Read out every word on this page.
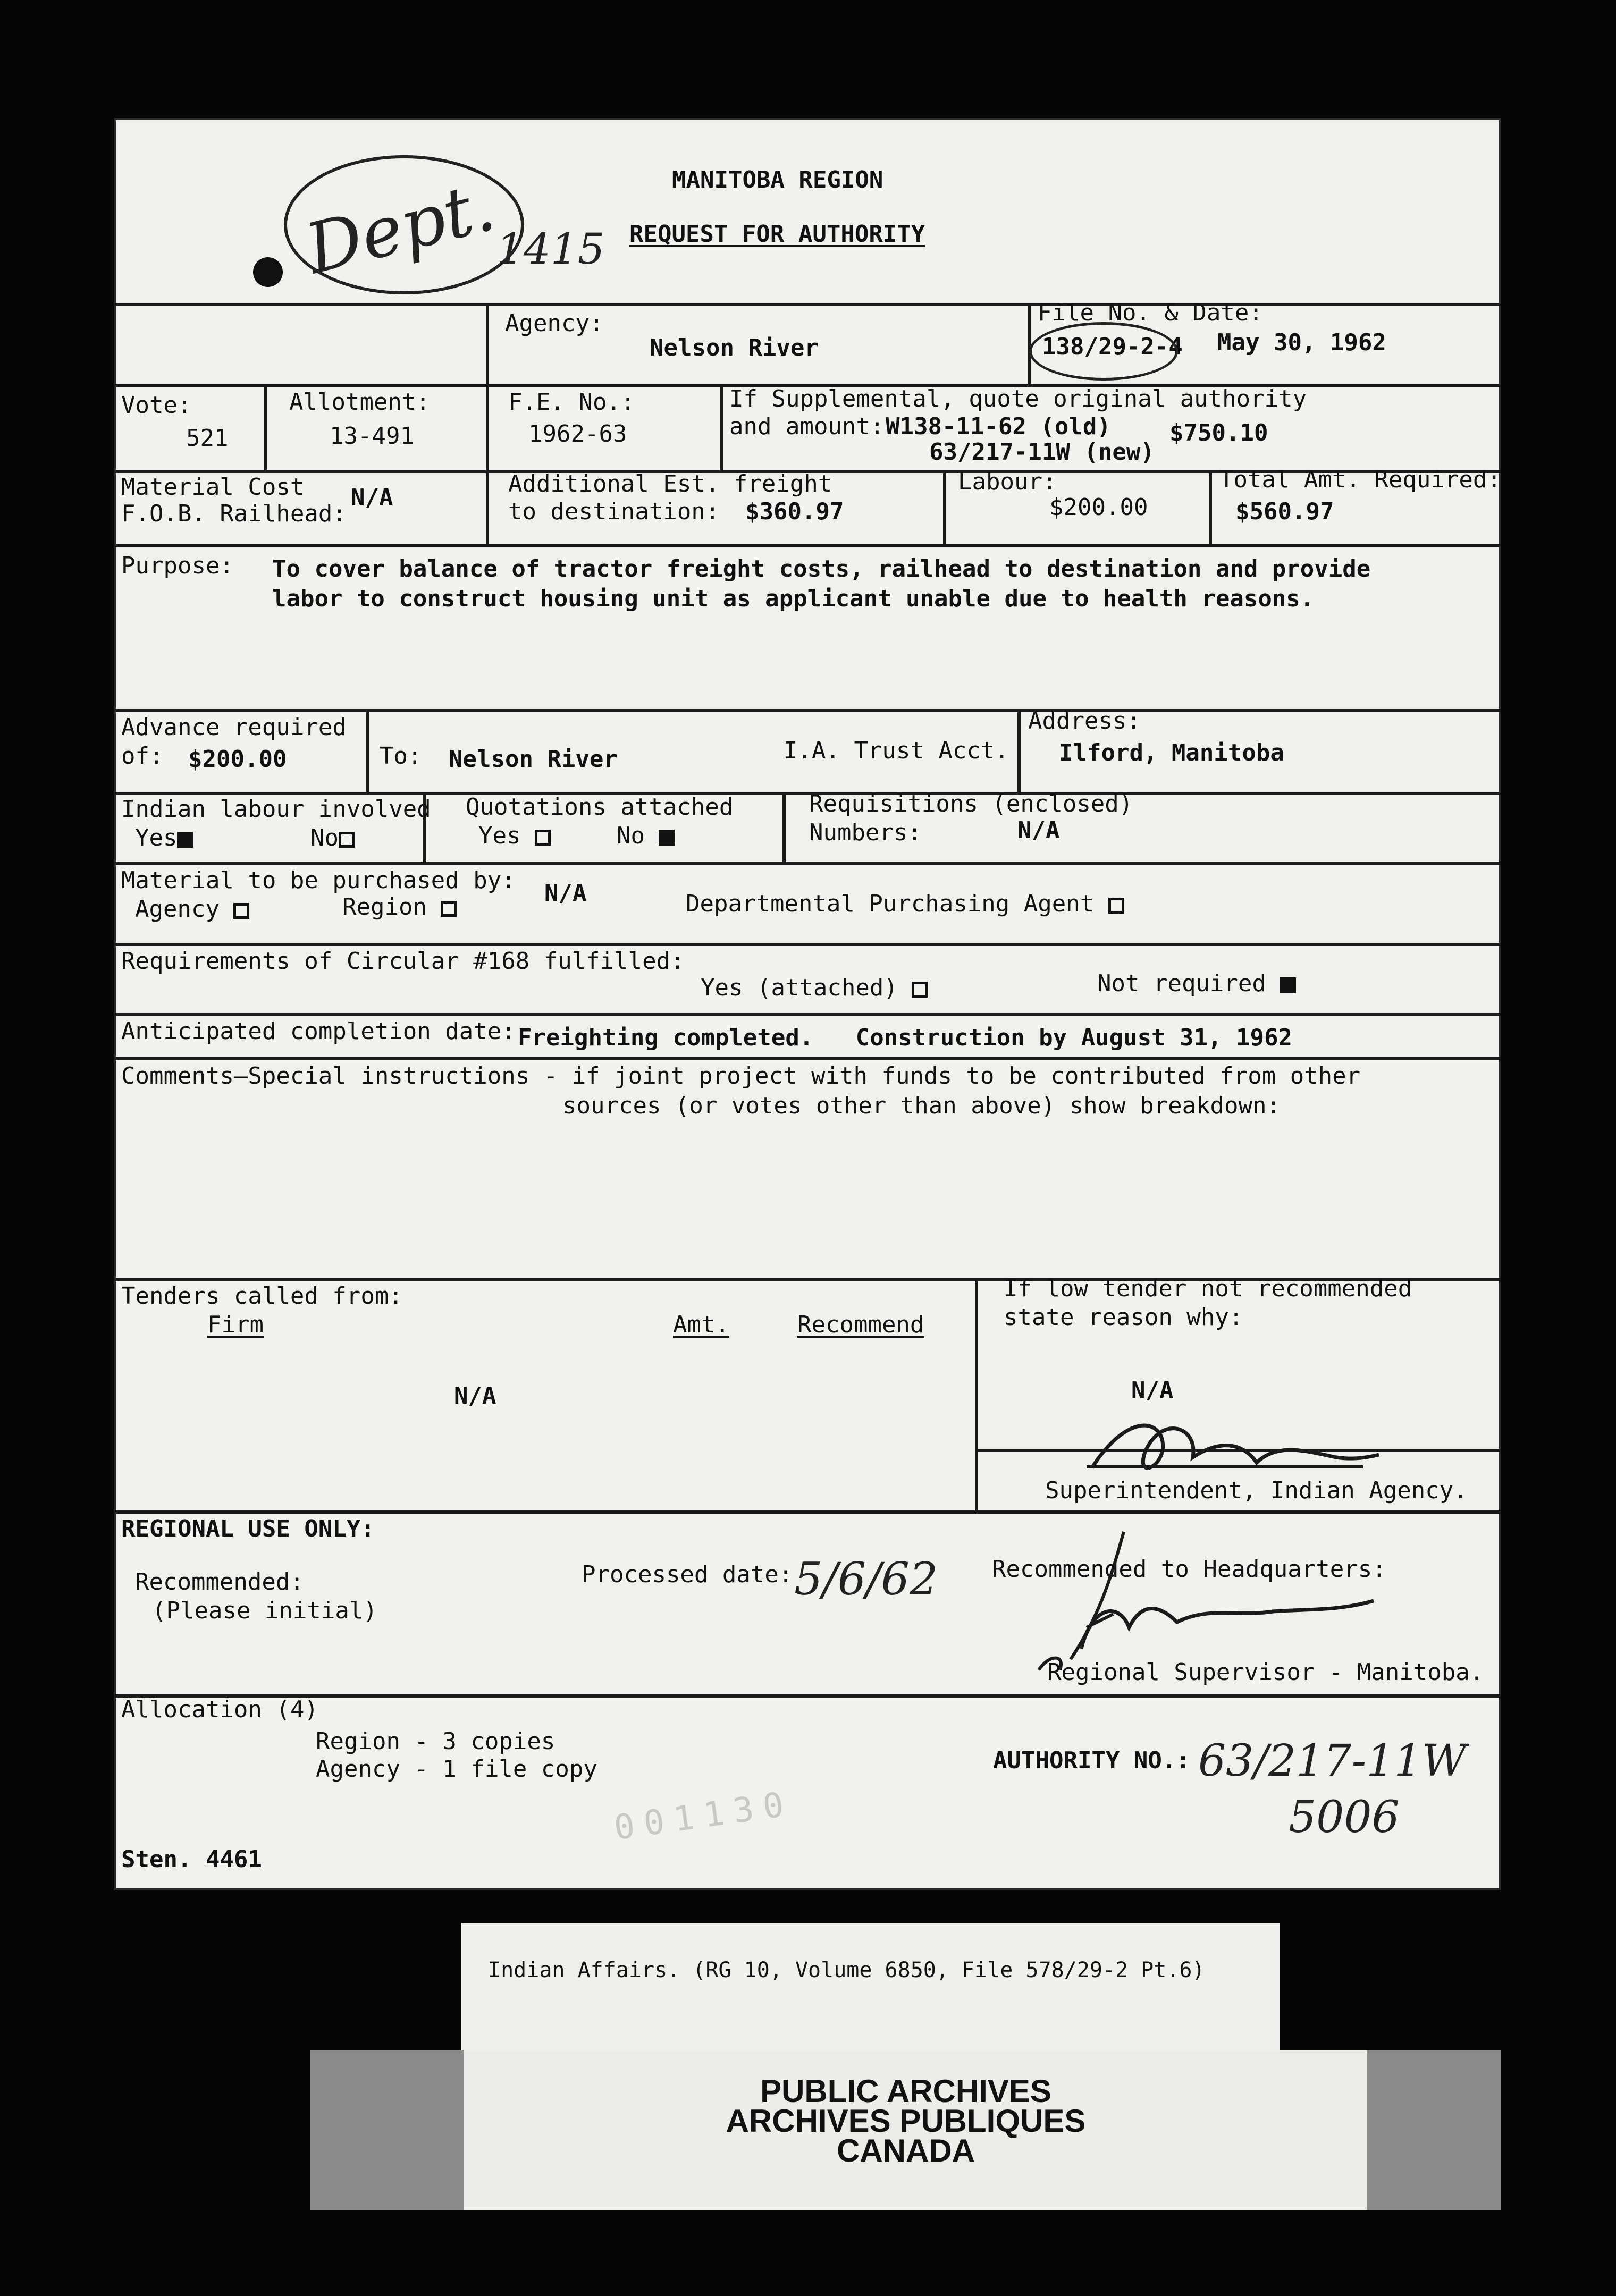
Dept.
1415
MANITOBA REGION
REQUEST FOR AUTHORITY
Agency:
Nelson River
File No. & Date:
138/29-2-4 May 30, 1962
Vote:
521
Allotment:
13-491
F.E. No.:
1962-63
If Supplemental, quote original authority
and amount: W138-11-62 (old)
63/217-11W (new)
$750.10
Material Cost
F.O.B. Railhead:
N/A
Additional Est. freight
to destination: $360.97
Labour:
$200.00
Total Amt. Required:
$560.97
Purpose: To cover balance of tractor freight costs, railhead to destination and provide
labor to construct housing unit as applicant unable due to health reasons.
Advance required
of: $200.00	To: Nelson River	I.A. Trust Acct.
Address:
Ilford, Manitoba
Indian labour involved
Yes	No
Quotations attached
Yes	No
Requisitions (enclosed)
Numbers:	N/A
Material to be purchased by:
Agency	Region
N/A	Departmental Purchasing Agent
Requirements of Circular #168 fulfilled:
Yes (attached)	Not required
Anticipated completion date: Freighting completed.   Construction by August 31, 1962
Comments—Special instructions - if joint project with funds to be contributed from other
sources (or votes other than above) show breakdown:
Tenders called from:
Firm	Amt.	Recommend
N/A
If low tender not recommended
state reason why:
N/A
Superintendent, Indian Agency.
REGIONAL USE ONLY:
Recommended:
(Please initial)
Processed date: 5/6/62 Recommended to Headquarters:
Regional Supervisor - Manitoba.
Allocation (4)
Region - 3 copies
Agency - 1 file copy	AUTHORITY NO.: 63/217-11W
5006
001130
Sten. 4461
Indian Affairs. (RG 10, Volume 6850, File 578/29-2 Pt.6)
PUBLIC ARCHIVES
ARCHIVES PUBLIQUES
CANADA
